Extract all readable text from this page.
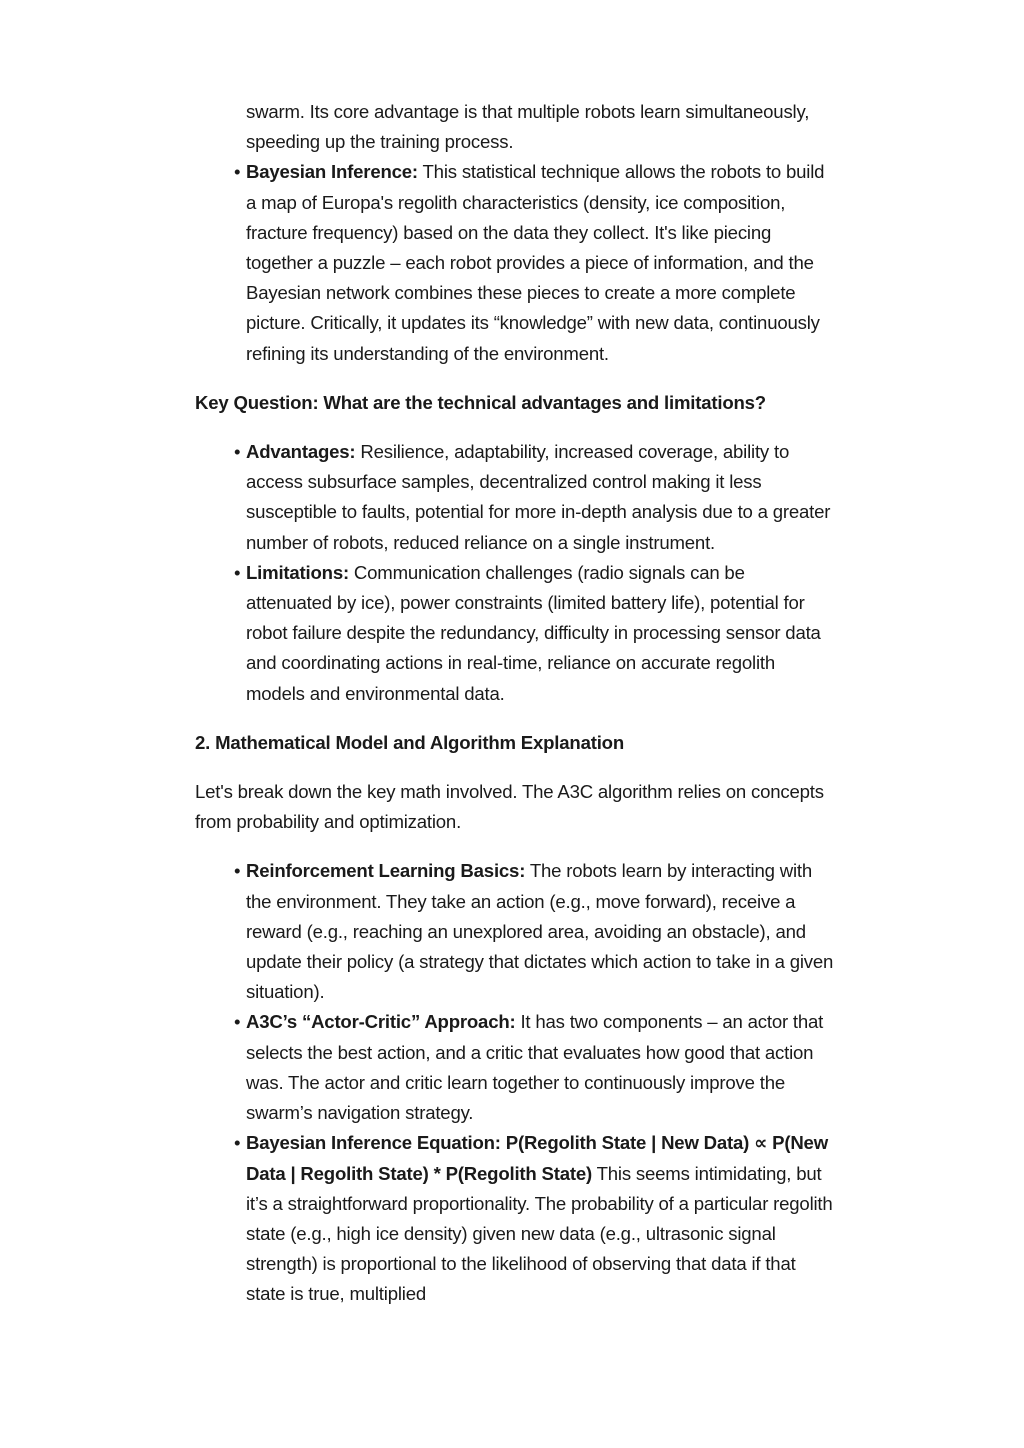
swarm. Its core advantage is that multiple robots learn simultaneously, speeding up the training process.

• Bayesian Inference: This statistical technique allows the robots to build a map of Europa's regolith characteristics (density, ice composition, fracture frequency) based on the data they collect. It's like piecing together a puzzle – each robot provides a piece of information, and the Bayesian network combines these pieces to create a more complete picture. Critically, it updates its “knowledge” with new data, continuously refining its understanding of the environment.

Key Question: What are the technical advantages and limitations?

• Advantages: Resilience, adaptability, increased coverage, ability to access subsurface samples, decentralized control making it less susceptible to faults, potential for more in-depth analysis due to a greater number of robots, reduced reliance on a single instrument.
• Limitations: Communication challenges (radio signals can be attenuated by ice), power constraints (limited battery life), potential for robot failure despite the redundancy, difficulty in processing sensor data and coordinating actions in real-time, reliance on accurate regolith models and environmental data.

2. Mathematical Model and Algorithm Explanation

Let's break down the key math involved. The A3C algorithm relies on concepts from probability and optimization.

• Reinforcement Learning Basics: The robots learn by interacting with the environment. They take an action (e.g., move forward), receive a reward (e.g., reaching an unexplored area, avoiding an obstacle), and update their policy (a strategy that dictates which action to take in a given situation).
• A3C’s “Actor-Critic” Approach: It has two components – an actor that selects the best action, and a critic that evaluates how good that action was. The actor and critic learn together to continuously improve the swarm’s navigation strategy.
• Bayesian Inference Equation: P(Regolith State | New Data) ∝ P(New Data | Regolith State) * P(Regolith State) This seems intimidating, but it’s a straightforward proportionality. The probability of a particular regolith state (e.g., high ice density) given new data (e.g., ultrasonic signal strength) is proportional to the likelihood of observing that data if that state is true, multiplied
